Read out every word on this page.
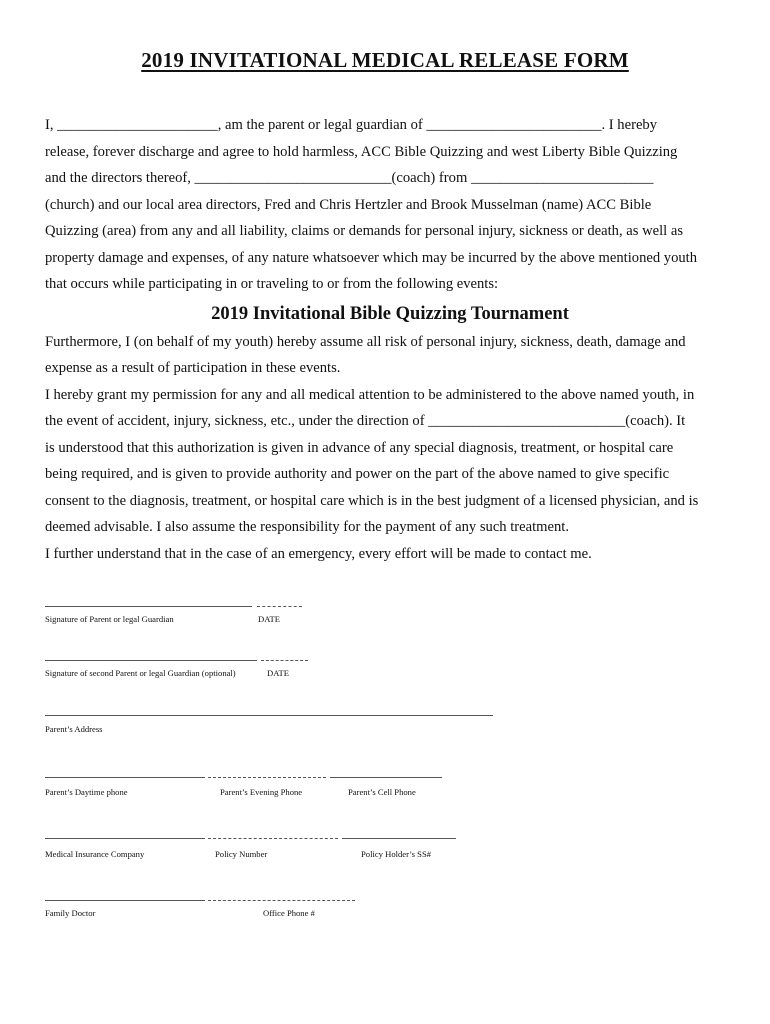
2019 INVITATIONAL MEDICAL RELEASE FORM

I, ______________________, am the parent or legal guardian of ________________________. I hereby

release, forever discharge and agree to hold harmless, ACC Bible Quizzing and west Liberty Bible Quizzing

and the directors thereof, ___________________________(coach) from _________________________

(church) and our local area directors, Fred and Chris Hertzler and Brook Musselman (name) ACC Bible

Quizzing (area) from any and all liability, claims or demands for personal injury, sickness or death, as well as

property damage and expenses, of any nature whatsoever which may be incurred by the above mentioned youth

that occurs while participating in or traveling to or from the following events:

2019 Invitational Bible Quizzing Tournament

Furthermore, I (on behalf of my youth) hereby assume all risk of personal injury, sickness, death, damage and

expense as a result of participation in these events.

I hereby grant my permission for any and all medical attention to be administered to the above named youth, in

the event of accident, injury, sickness, etc., under the direction of ___________________________(coach). It

is understood that this authorization is given in advance of any special diagnosis, treatment, or hospital care

being required, and is given to provide authority and power on the part of the above named to give specific

consent to the diagnosis, treatment, or hospital care which is in the best judgment of a licensed physician, and is

deemed advisable. I also assume the responsibility for the payment of any such treatment.

I further understand that in the case of an emergency, every effort will be made to contact me.

Signature of Parent or legal Guardian	DATE
Signature of second Parent or legal Guardian (optional)	DATE
Parent’s Address
Parent’s Daytime phone	Parent’s Evening Phone	Parent’s Cell Phone
Medical Insurance Company	Policy Number	Policy Holder’s SS#
Family Doctor	Office Phone #
